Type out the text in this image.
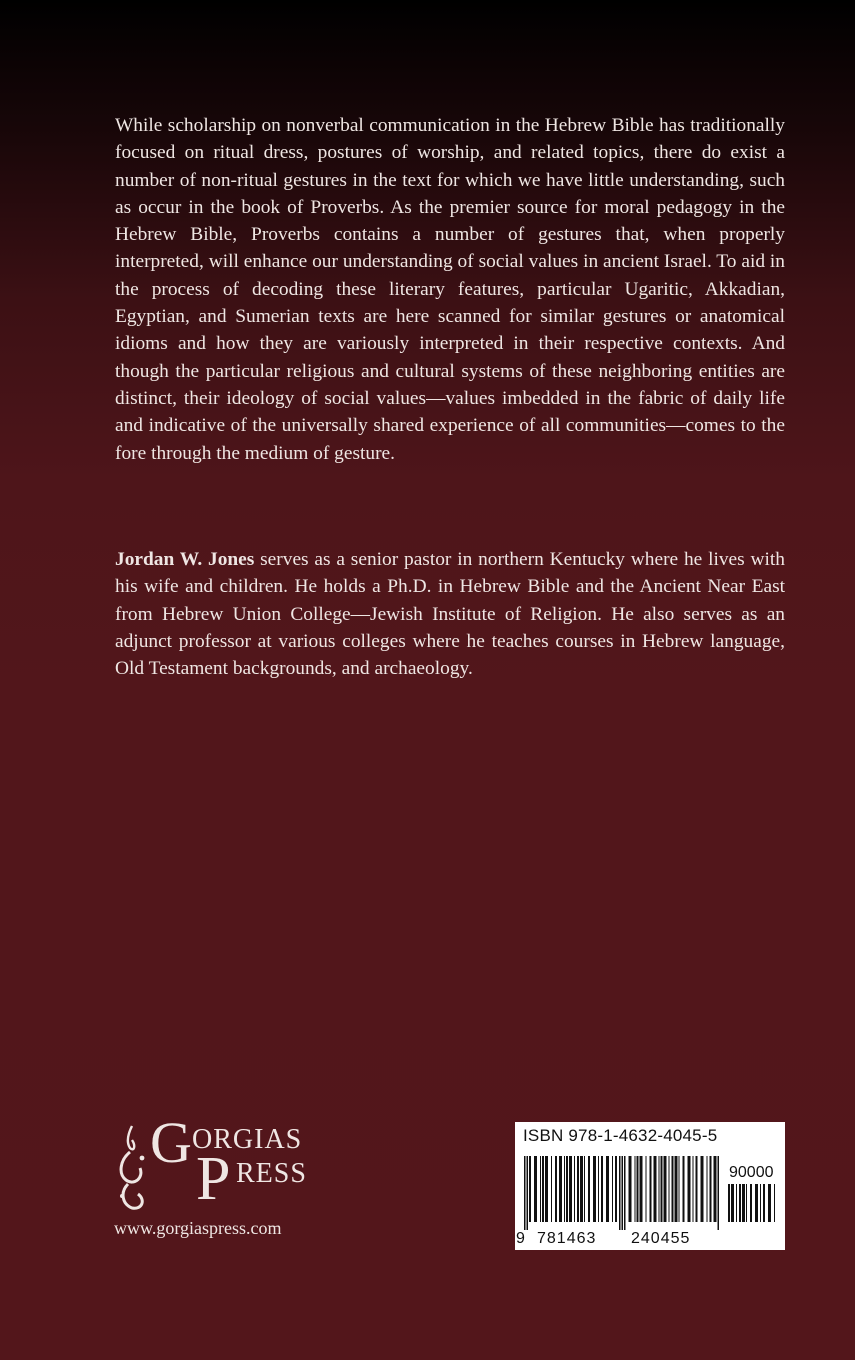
While scholarship on nonverbal communication in the Hebrew Bible has traditionally focused on ritual dress, postures of worship, and related topics, there do exist a number of non-ritual gestures in the text for which we have little understanding, such as occur in the book of Proverbs. As the premier source for moral pedagogy in the Hebrew Bible, Proverbs contains a number of gestures that, when properly interpreted, will enhance our understanding of social values in ancient Israel. To aid in the process of decoding these literary features, particular Ugaritic, Akkadian, Egyptian, and Sumerian texts are here scanned for similar gestures or anatomical idioms and how they are variously interpreted in their respective contexts. And though the particular religious and cultural systems of these neighboring entities are distinct, their ideology of social values—values imbedded in the fabric of daily life and indicative of the universally shared experience of all communities—comes to the fore through the medium of gesture.

Jordan W. Jones serves as a senior pastor in northern Kentucky where he lives with his wife and children. He holds a Ph.D. in Hebrew Bible and the Ancient Near East from Hebrew Union College—Jewish Institute of Religion. He also serves as an adjunct professor at various colleges where he teaches courses in Hebrew language, Old Testament backgrounds, and archaeology.

G ORGIAS
P RESS
www.gorgiaspress.com
ISBN 978-1-4632-4045-5
90000
9 781463 240455
